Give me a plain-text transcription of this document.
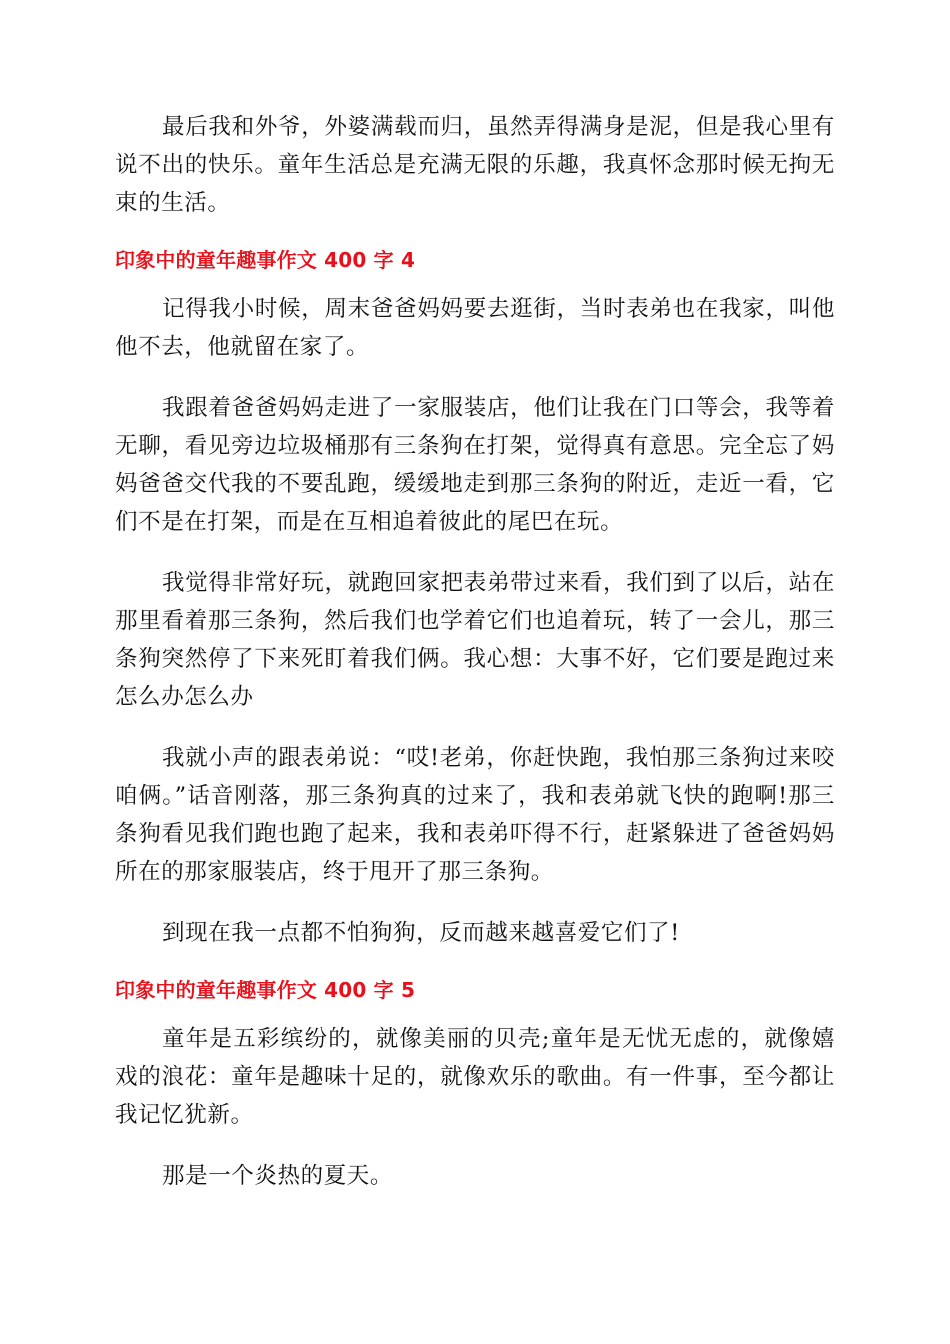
最后我和外爷，外婆满载而归，虽然弄得满身是泥，但是我心里有说不出的快乐。童年生活总是充满无限的乐趣，我真怀念那时候无拘无束的生活。

印象中的童年趣事作文 400 字 4

记得我小时候，周末爸爸妈妈要去逛街，当时表弟也在我家，叫他他不去，他就留在家了。

我跟着爸爸妈妈走进了一家服装店，他们让我在门口等会，我等着无聊，看见旁边垃圾桶那有三条狗在打架，觉得真有意思。完全忘了妈妈爸爸交代我的不要乱跑，缓缓地走到那三条狗的附近，走近一看，它们不是在打架，而是在互相追着彼此的尾巴在玩。

我觉得非常好玩，就跑回家把表弟带过来看，我们到了以后，站在那里看着那三条狗，然后我们也学着它们也追着玩，转了一会儿，那三条狗突然停了下来死盯着我们俩。我心想：大事不好，它们要是跑过来怎么办怎么办

我就小声的跟表弟说：“哎!老弟，你赶快跑，我怕那三条狗过来咬咱俩。”话音刚落，那三条狗真的过来了，我和表弟就飞快的跑啊!那三条狗看见我们跑也跑了起来，我和表弟吓得不行，赶紧躲进了爸爸妈妈所在的那家服装店，终于甩开了那三条狗。

到现在我一点都不怕狗狗，反而越来越喜爱它们了!

印象中的童年趣事作文 400 字 5

童年是五彩缤纷的，就像美丽的贝壳;童年是无忧无虑的，就像嬉戏的浪花：童年是趣味十足的，就像欢乐的歌曲。有一件事，至今都让我记忆犹新。

那是一个炎热的夏天。
